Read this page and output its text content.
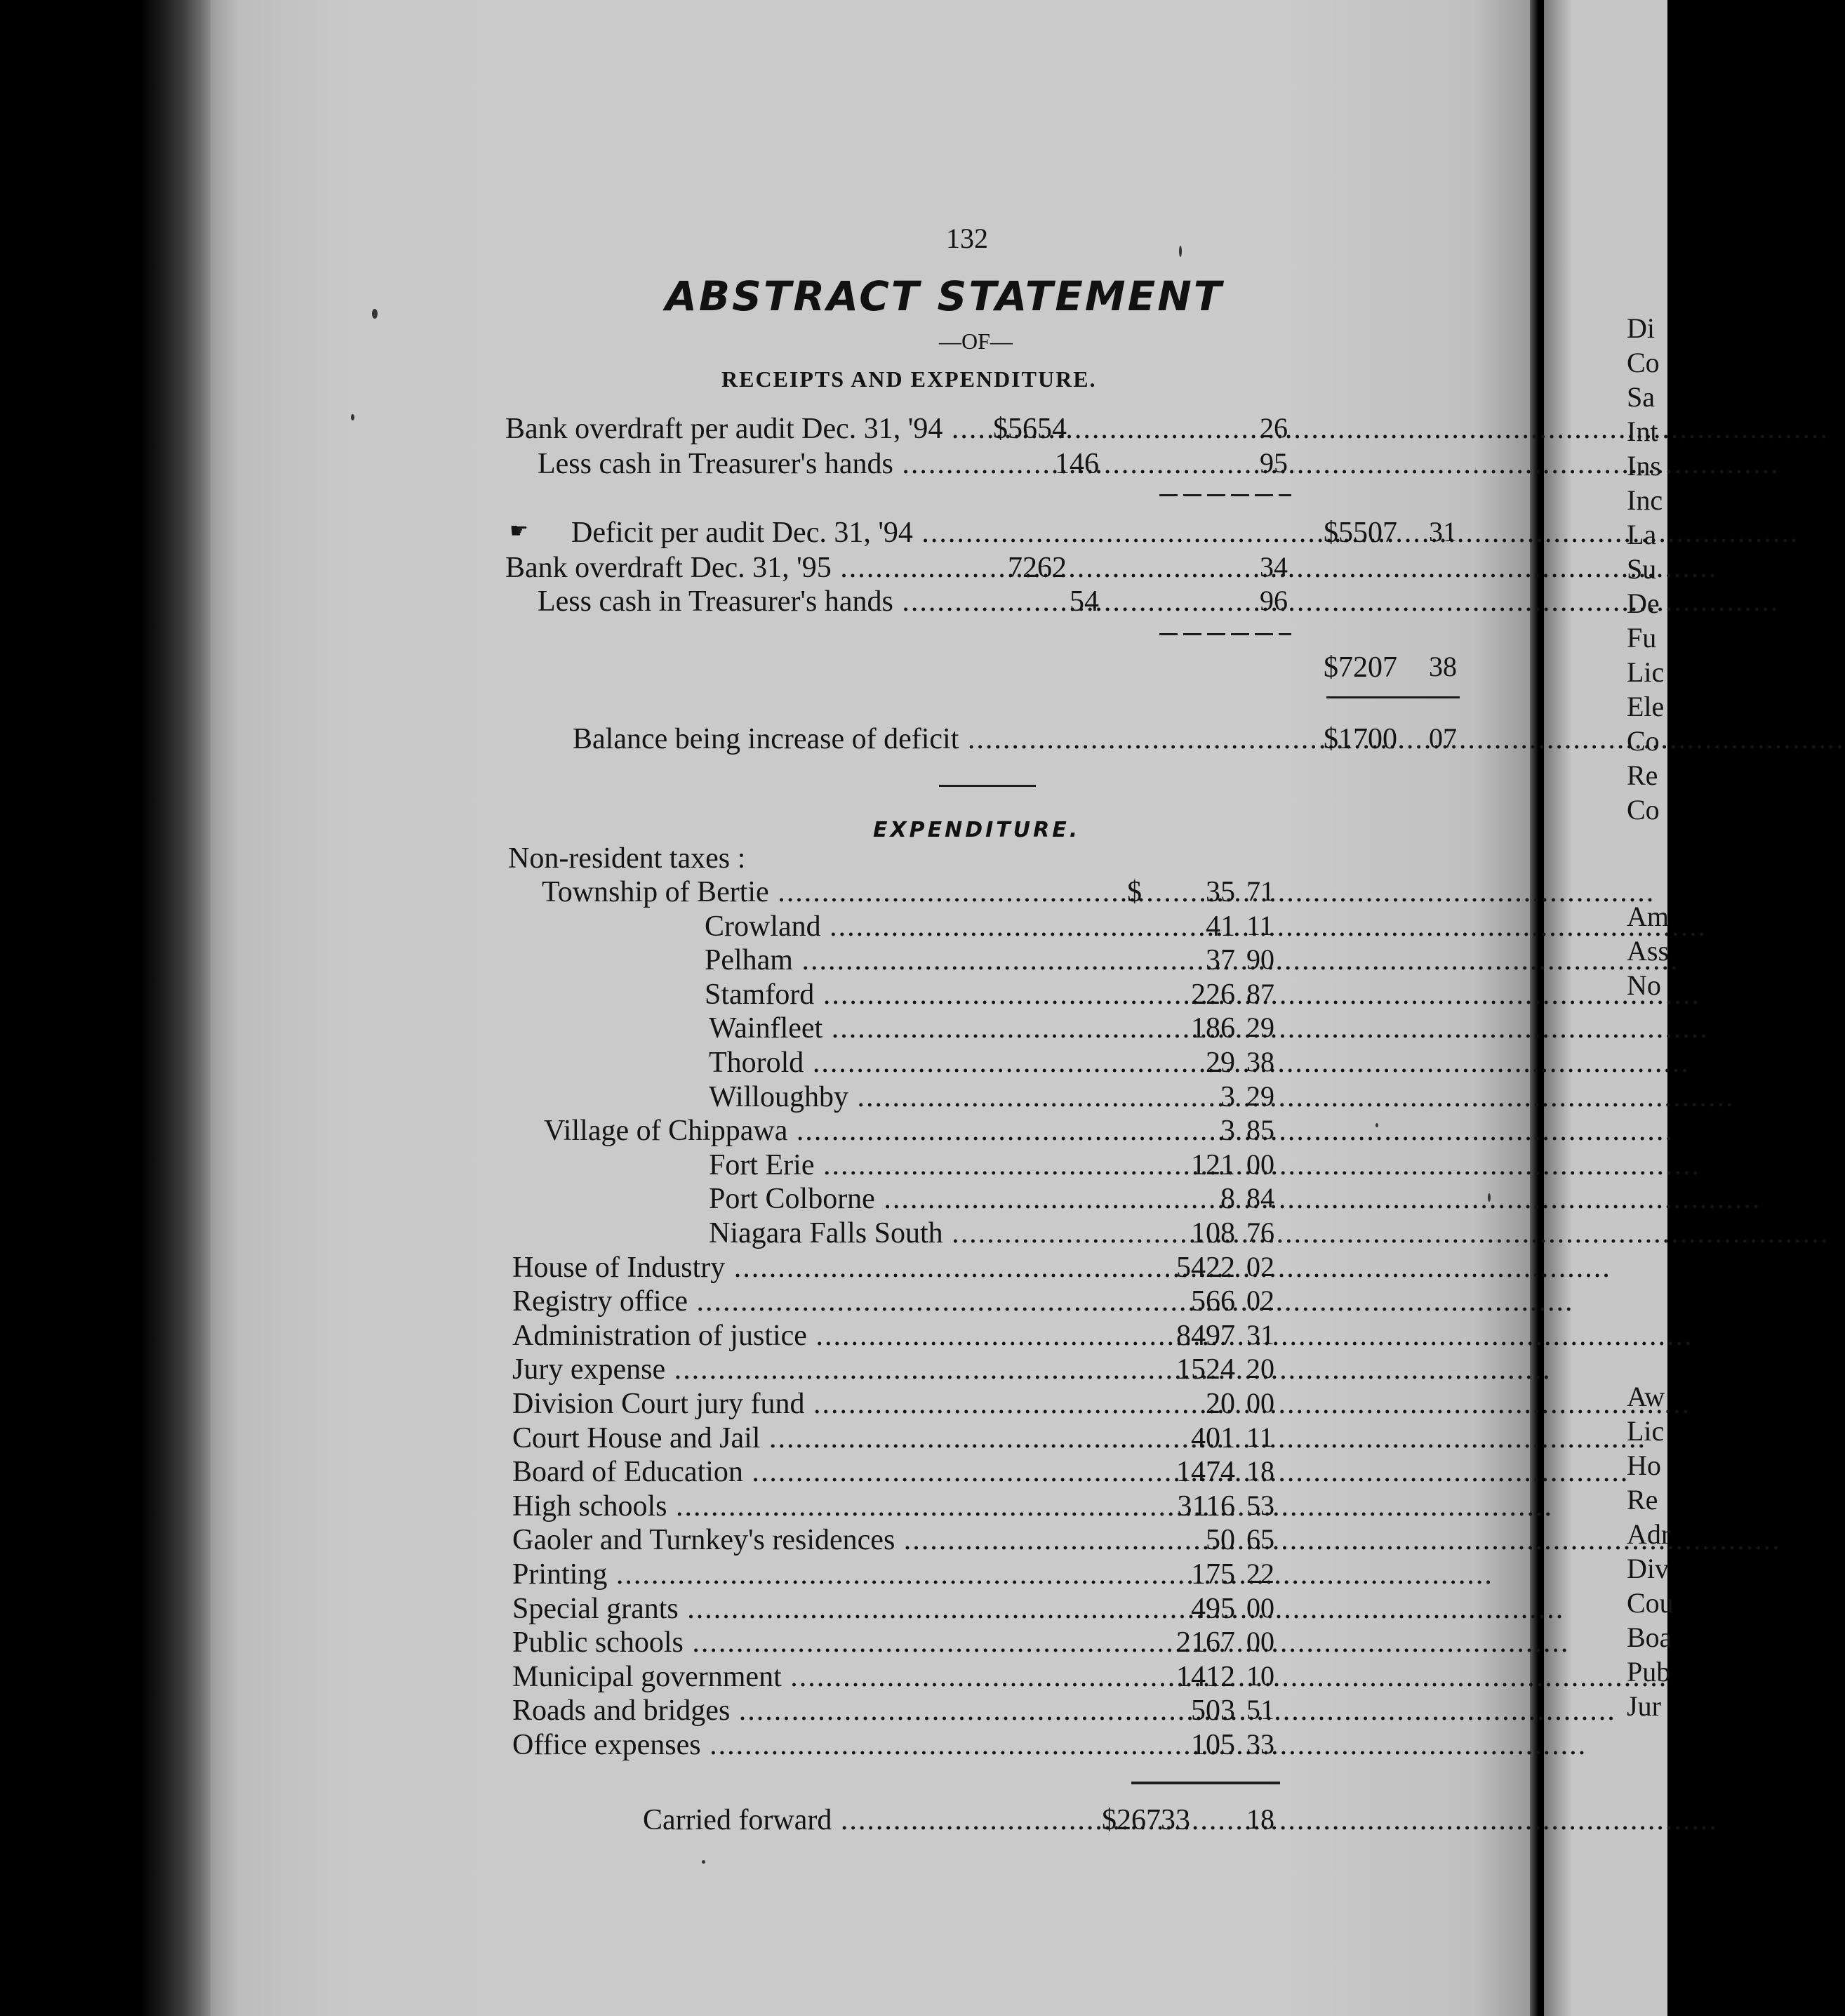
132
ABSTRACT STATEMENT
—OF—
RECEIPTS AND EXPENDITURE.
Bank overdraft per audit Dec. 31, '94 .....	$5654	26
Less cash in Treasurer's hands .....	146	95
☛ Deficit per audit Dec. 31, '94 .....	$5507 31
Bank overdraft Dec. 31, '95 .....	7262	34
Less cash in Treasurer's hands .....	54	96
$7207 38
Balance being increase of deficit .....	$1700 07
EXPENDITURE.
Non-resident taxes :
Township of Bertie .....	$ 35 71
Crowland .....	41 11
Pelham .....	37 90
Stamford .....	226 87
Wainfleet .....	186 29
Thorold .....	29 38
Willoughby .....	3 29
Village of Chippawa .....	3 85
Fort Erie .....	121 00
Port Colborne .....	8 84
Niagara Falls South .....	108 76
House of Industry .....	5422 02
Registry office .....	566 02
Administration of justice .....	8497 31
Jury expense .....	1524 20
Division Court jury fund .....	20 00
Court House and Jail .....	401 11
Board of Education .....	1474 18
High schools .....	3116 53
Gaoler and Turnkey's residences .....	50 65
Printing .....	175 22
Special grants .....	495 00
Public schools .....	2167 00
Municipal government .....	1412 10
Roads and bridges .....	503 51
Office expenses .....	105 33
Carried forward .....	$26733 18
Di
Co
Sa
Int
Ins
Inc
La
Su
De
Fu
Lic
Ele
Co
Re
Co
Am
Ass
No
Aw
Lic
Ho
Re
Adr
Div
Cou
Boa
Pub
Jur
